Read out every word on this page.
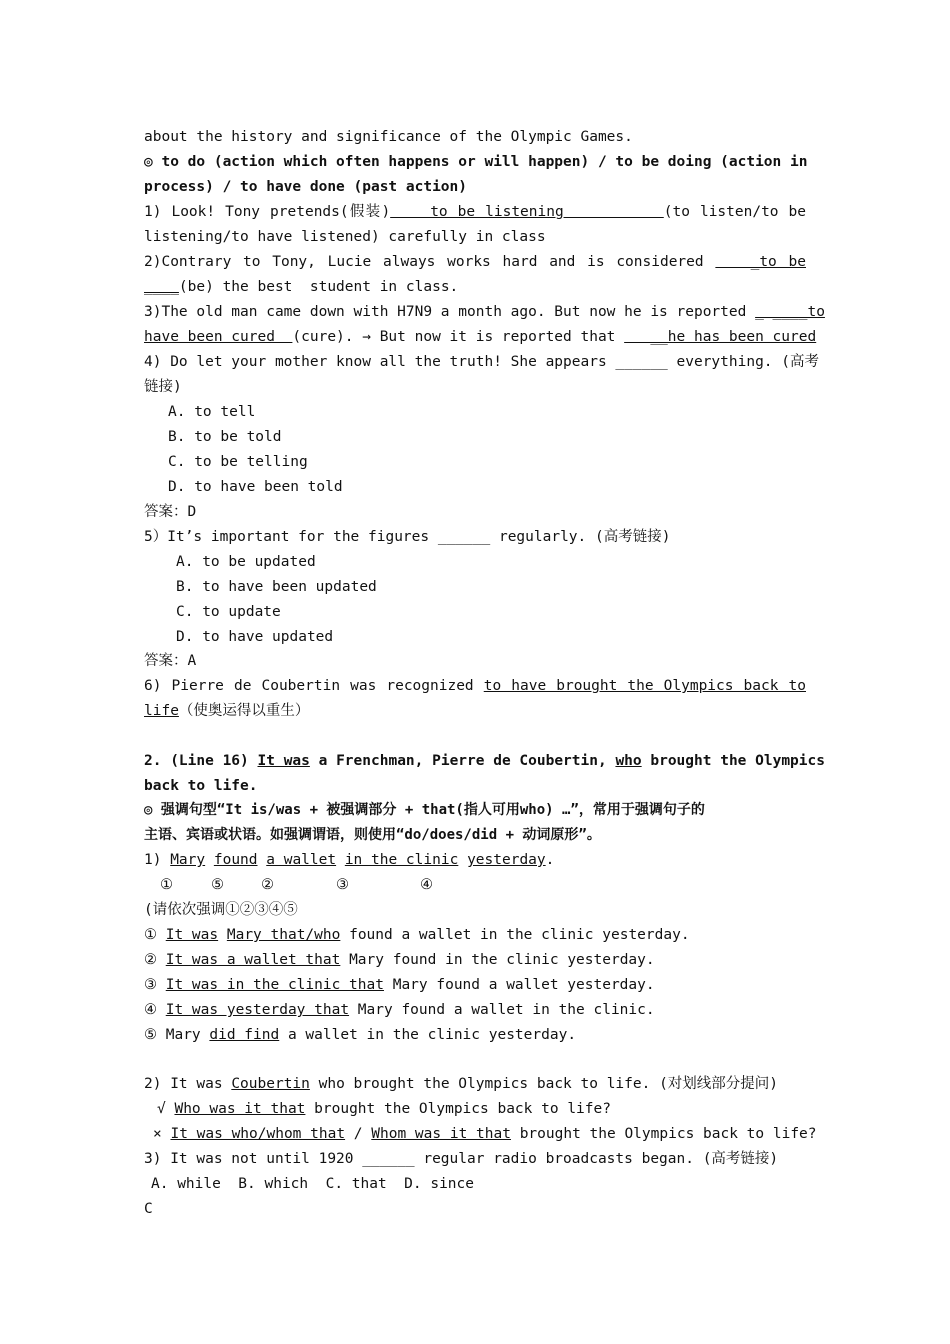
about the history and significance of the Olympic Games.
◎ to do (action which often happens or will happen) / to be doing (action in
process) / to have done (past action)
1) Look! Tony pretends(假装)    to be listening          (to listen/to be
listening/to have listened) carefully in class
2)Contrary to Tony, Lucie always works hard and is considered    _to be
____(be) the best  student in class.
3)The old man came down with H7N9 a month ago. But now he is reported _ ____to
have been cured  (cure). → But now it is reported that    __he has been cured
4) Do let your mother know all the truth! She appears ______ everything. (高考
链接)
A. to tell
B. to be told
C. to be telling
D. to have been told
答案：D
5）It’s important for the figures ______ regularly. (高考链接)
A. to be updated
B. to have been updated
C. to update
D. to have updated
答案：A
6) Pierre de Coubertin was recognized to have brought the Olympics back to
life（使奥运得以重生）
2. (Line 16) It was a Frenchman, Pierre de Coubertin, who brought the Olympics
back to life.
◎ 强调句型“It is/was + 被强调部分 + that(指人可用who) …”，常用于强调句子的
主语、宾语或状语。如强调谓语，则使用“do/does/did + 动词原形”。
1) Mary found a wallet in the clinic yesterday.
①	⑤	②	③	④
(请依次强调①②③④⑤
① It was Mary that/who found a wallet in the clinic yesterday.
② It was a wallet that Mary found in the clinic yesterday.
③ It was in the clinic that Mary found a wallet yesterday.
④ It was yesterday that Mary found a wallet in the clinic.
⑤ Mary did find a wallet in the clinic yesterday.
2) It was Coubertin who brought the Olympics back to life. (对划线部分提问)
√ Who was it that brought the Olympics back to life?
× It was who/whom that / Whom was it that brought the Olympics back to life?
3) It was not until 1920 ______ regular radio broadcasts began. (高考链接)
A. while  B. which  C. that  D. since
C
